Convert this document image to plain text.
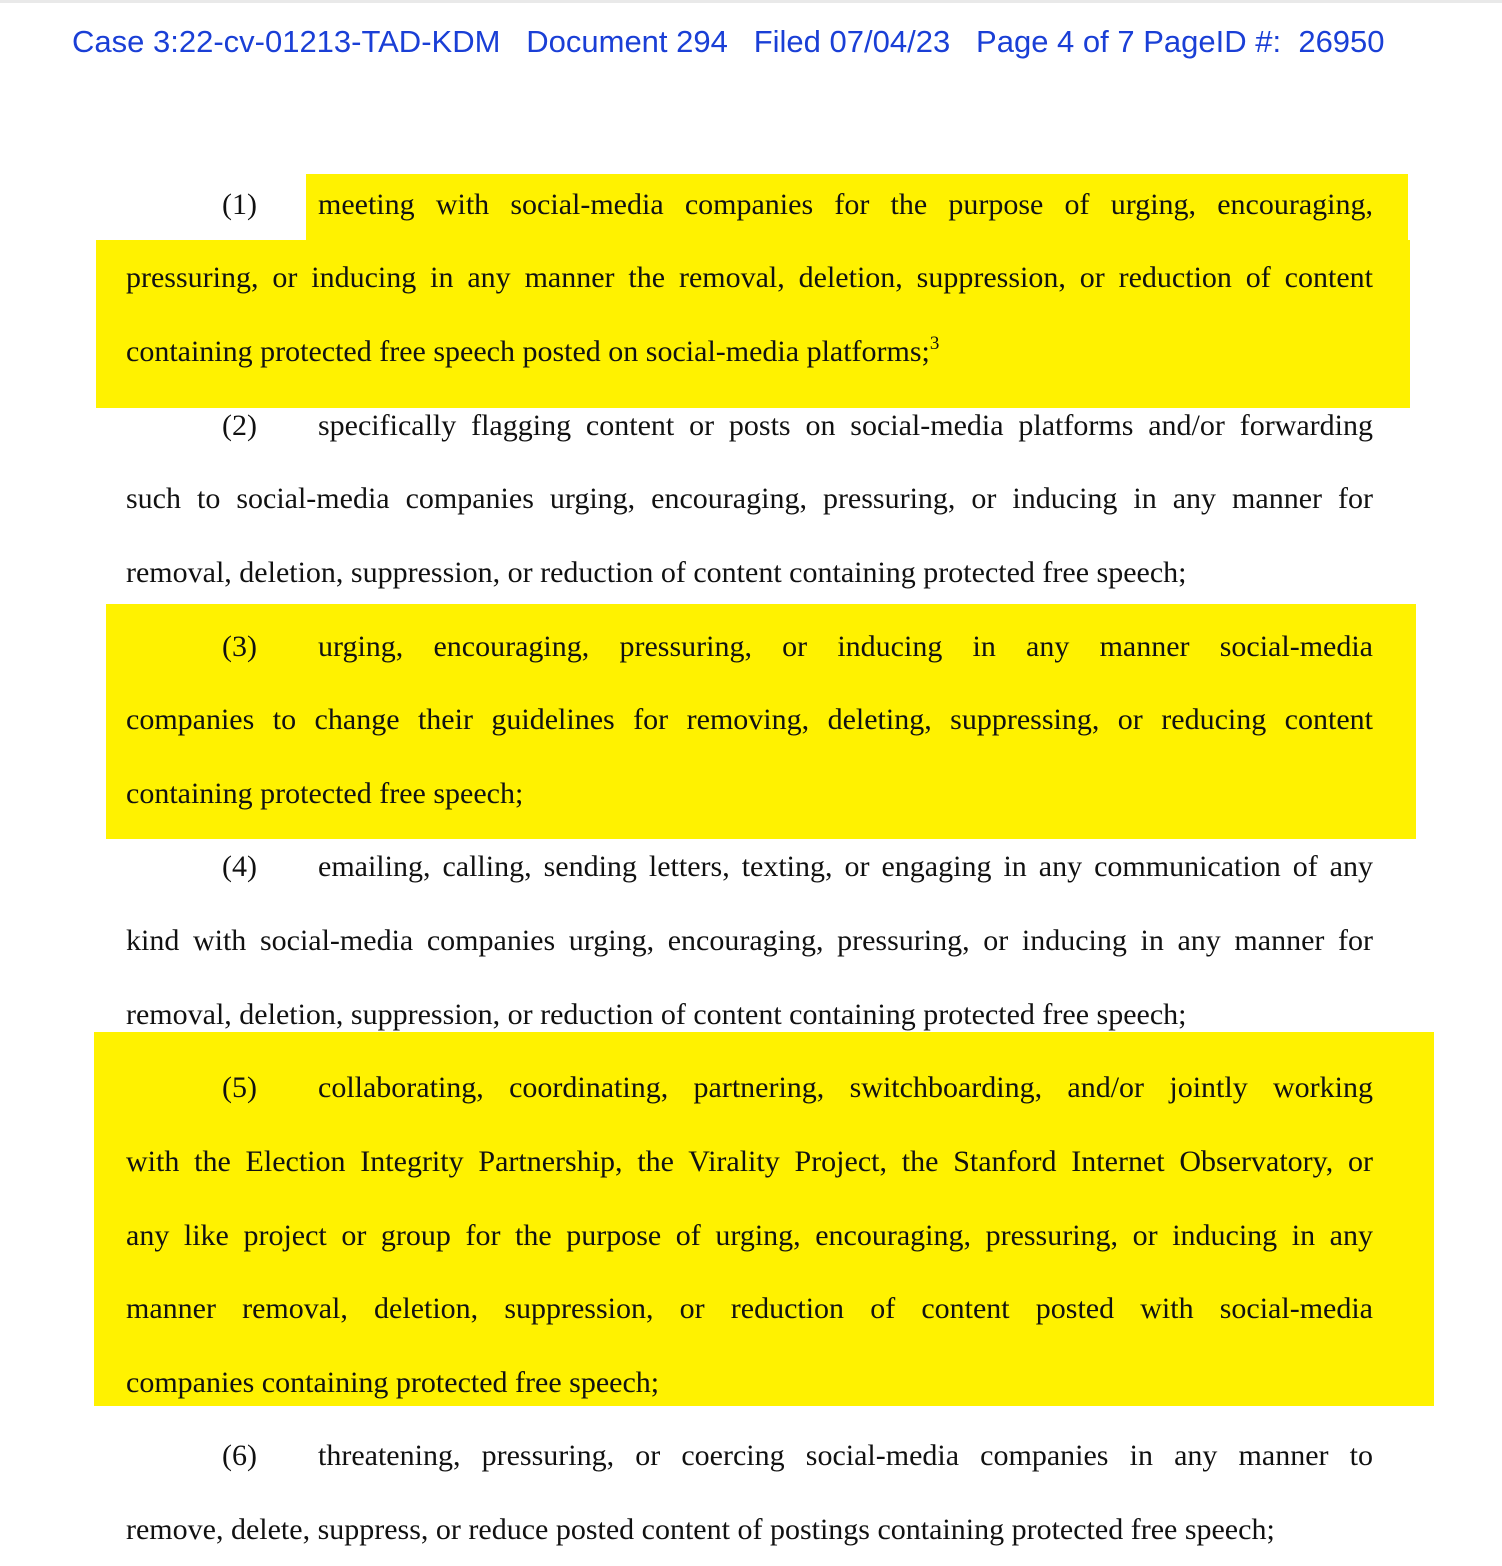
Case 3:22-cv-01213-TAD-KDM Document 294 Filed 07/04/23 Page 4 of 7 PageID #:  26950
(1) meeting with social-media companies for the purpose of urging, encouraging,
pressuring, or inducing in any manner the removal, deletion, suppression, or reduction of content
containing protected free speech posted on social-media platforms;$^3$
(2) specifically flagging content or posts on social-media platforms and/or forwarding
such to social-media companies urging, encouraging, pressuring, or inducing in any manner for
removal, deletion, suppression, or reduction of content containing protected free speech;
(3) urging, encouraging, pressuring, or inducing in any manner social-media
companies to change their guidelines for removing, deleting, suppressing, or reducing content
containing protected free speech;
(4) emailing, calling, sending letters, texting, or engaging in any communication of any
kind with social-media companies urging, encouraging, pressuring, or inducing in any manner for
removal, deletion, suppression, or reduction of content containing protected free speech;
(5) collaborating, coordinating, partnering, switchboarding, and/or jointly working
with the Election Integrity Partnership, the Virality Project, the Stanford Internet Observatory, or
any like project or group for the purpose of urging, encouraging, pressuring, or inducing in any
manner removal, deletion, suppression, or reduction of content posted with social-media
companies containing protected free speech;
(6) threatening, pressuring, or coercing social-media companies in any manner to
remove, delete, suppress, or reduce posted content of postings containing protected free speech;
